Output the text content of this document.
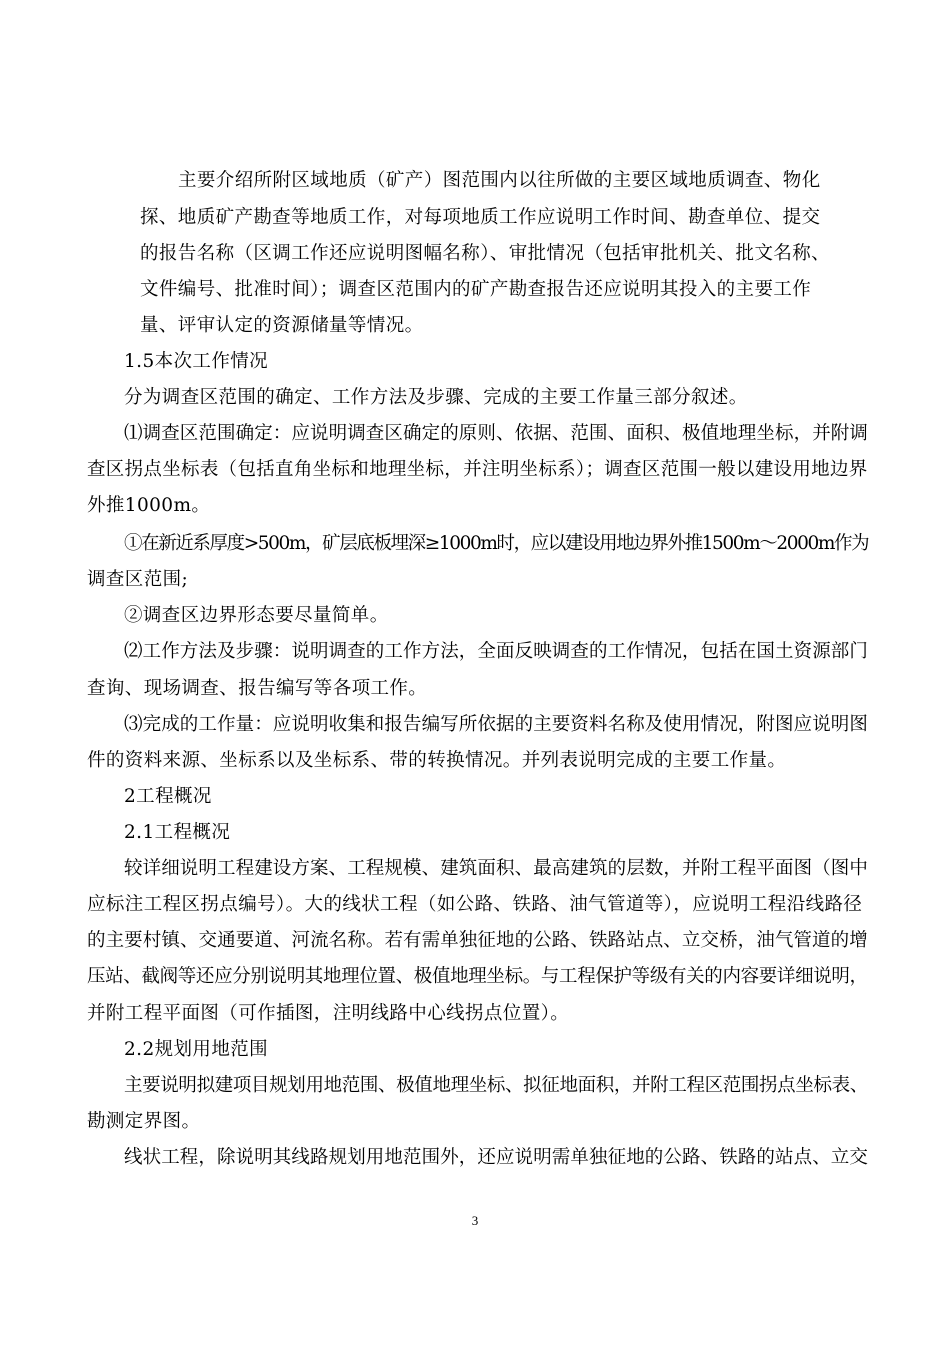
主要介绍所附区域地质（矿产）图范围内以往所做的主要区域地质调查、物化
探、地质矿产勘查等地质工作，对每项地质工作应说明工作时间、勘查单位、提交
的报告名称（区调工作还应说明图幅名称）、审批情况（包括审批机关、批文名称、
文件编号、批准时间）；调查区范围内的矿产勘查报告还应说明其投入的主要工作
量、评审认定的资源储量等情况。
1.5本次工作情况
分为调查区范围的确定、工作方法及步骤、完成的主要工作量三部分叙述。
⑴调查区范围确定：应说明调查区确定的原则、依据、范围、面积、极值地理坐标，并附调
查区拐点坐标表（包括直角坐标和地理坐标，并注明坐标系）；调查区范围一般以建设用地边界
外推1000m。
①在新近系厚度>500m，矿层底板埋深≥1000m时，应以建设用地边界外推1500m～2000m作为
调查区范围;
②调查区边界形态要尽量简单。
⑵工作方法及步骤：说明调查的工作方法，全面反映调查的工作情况，包括在国土资源部门
查询、现场调查、报告编写等各项工作。
⑶完成的工作量：应说明收集和报告编写所依据的主要资料名称及使用情况，附图应说明图
件的资料来源、坐标系以及坐标系、带的转换情况。并列表说明完成的主要工作量。
2工程概况
2.1工程概况
较详细说明工程建设方案、工程规模、建筑面积、最高建筑的层数，并附工程平面图（图中
应标注工程区拐点编号）。大的线状工程（如公路、铁路、油气管道等），应说明工程沿线路径
的主要村镇、交通要道、河流名称。若有需单独征地的公路、铁路站点、立交桥，油气管道的增
压站、截阀等还应分别说明其地理位置、极值地理坐标。与工程保护等级有关的内容要详细说明，
并附工程平面图（可作插图，注明线路中心线拐点位置）。
2.2规划用地范围
主要说明拟建项目规划用地范围、极值地理坐标、拟征地面积，并附工程区范围拐点坐标表、
勘测定界图。
线状工程，除说明其线路规划用地范围外，还应说明需单独征地的公路、铁路的站点、立交
3
